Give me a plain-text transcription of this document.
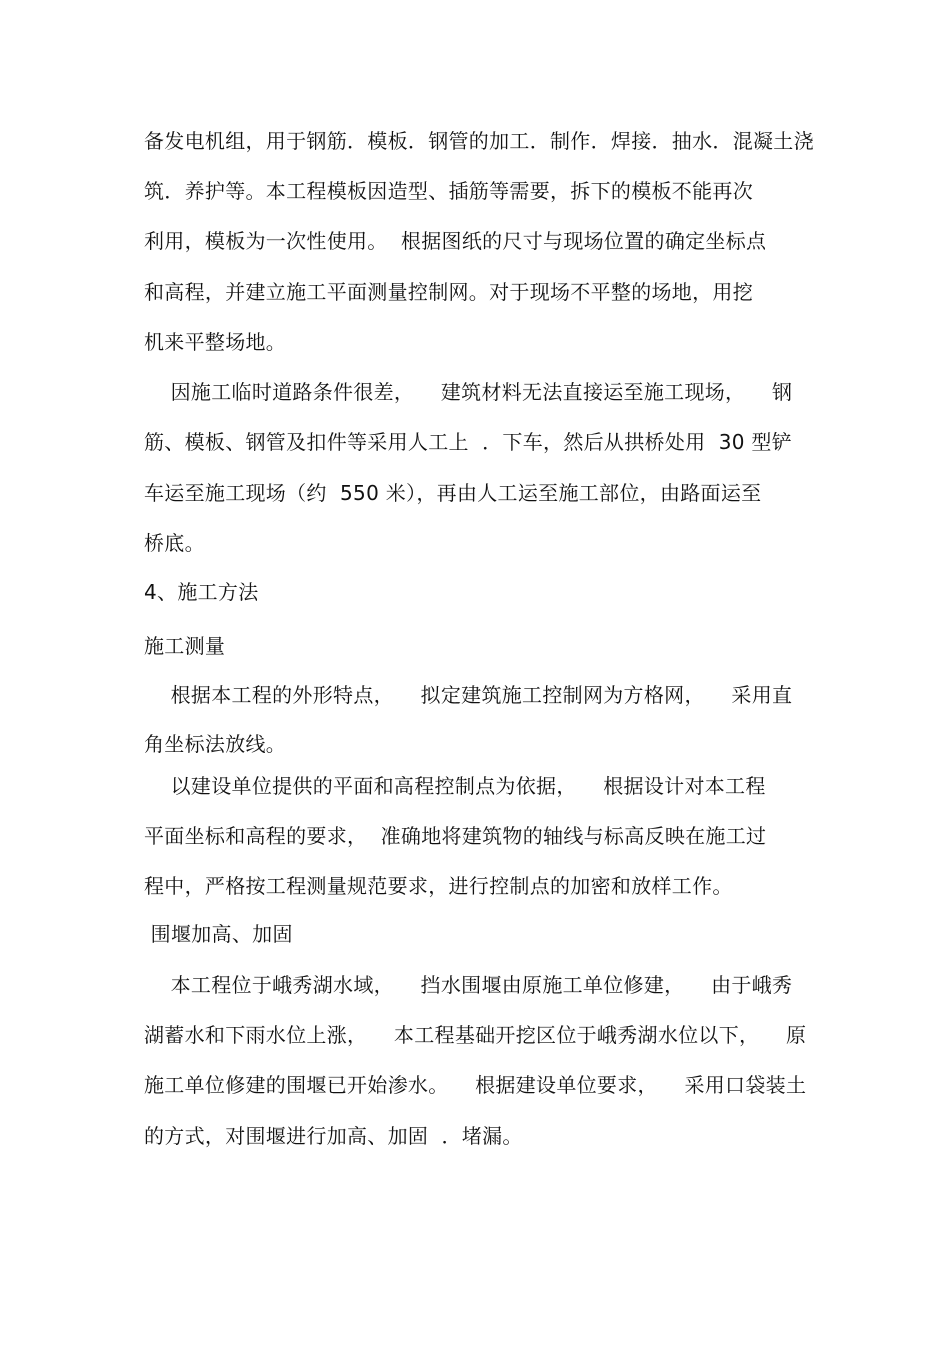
备发电机组，用于钢筋．模板．钢管的加工．制作．焊接．抽水．混凝土浇
筑．养护等。本工程模板因造型、插筋等需要，拆下的模板不能再次
利用，模板为一次性使用。  根据图纸的尺寸与现场位置的确定坐标点
和高程，并建立施工平面测量控制网。对于现场不平整的场地，用挖
机来平整场地。
因施工临时道路条件很差，    建筑材料无法直接运至施工现场，    钢
筋、模板、钢管及扣件等采用人工上  ．下车，然后从拱桥处用  30 型铲
车运至施工现场（约  550 米），再由人工运至施工部位，由路面运至
桥底。
4、施工方法
施工测量
根据本工程的外形特点，    拟定建筑施工控制网为方格网，    采用直
角坐标法放线。
以建设单位提供的平面和高程控制点为依据，    根据设计对本工程
平面坐标和高程的要求，  准确地将建筑物的轴线与标高反映在施工过
程中，严格按工程测量规范要求，进行控制点的加密和放样工作。
围堰加高、加固
本工程位于峨秀湖水域，    挡水围堰由原施工单位修建，    由于峨秀
湖蓄水和下雨水位上涨，    本工程基础开挖区位于峨秀湖水位以下，    原
施工单位修建的围堰已开始渗水。    根据建设单位要求，    采用口袋装土
的方式，对围堰进行加高、加固  ．堵漏。
